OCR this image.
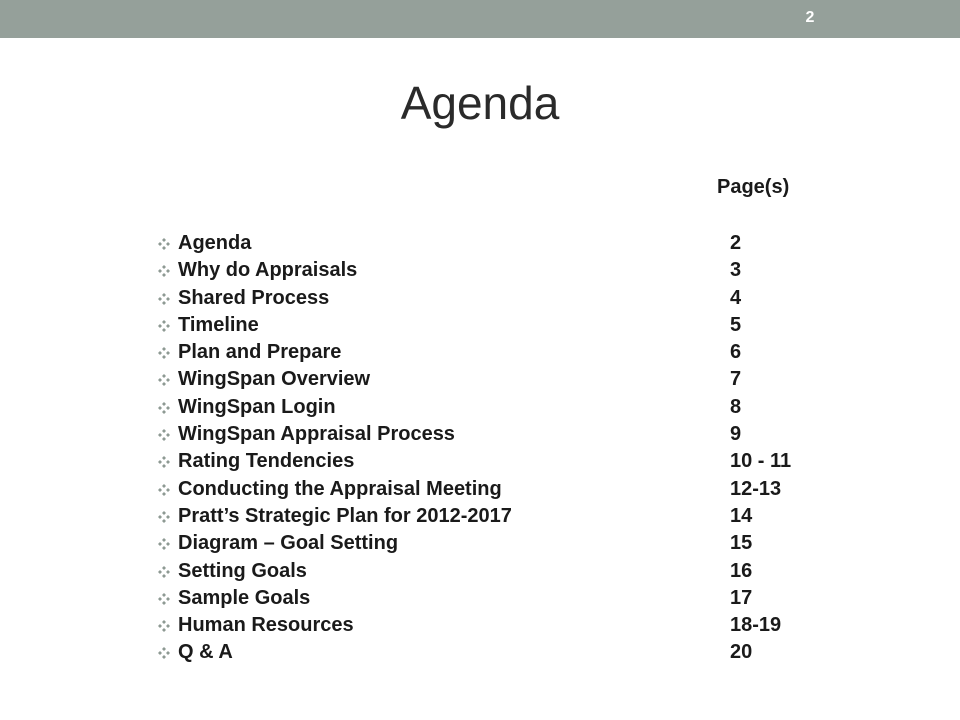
2
Agenda
Page(s)
Agenda	2
Why do Appraisals	3
Shared Process	4
Timeline	5
Plan and Prepare	6
WingSpan Overview	7
WingSpan Login	8
WingSpan Appraisal Process	9
Rating Tendencies	10 - 11
Conducting the Appraisal Meeting	12-13
Pratt’s Strategic Plan for 2012-2017	14
Diagram – Goal Setting	15
Setting Goals	16
Sample Goals	17
Human Resources	18-19
Q & A	20
